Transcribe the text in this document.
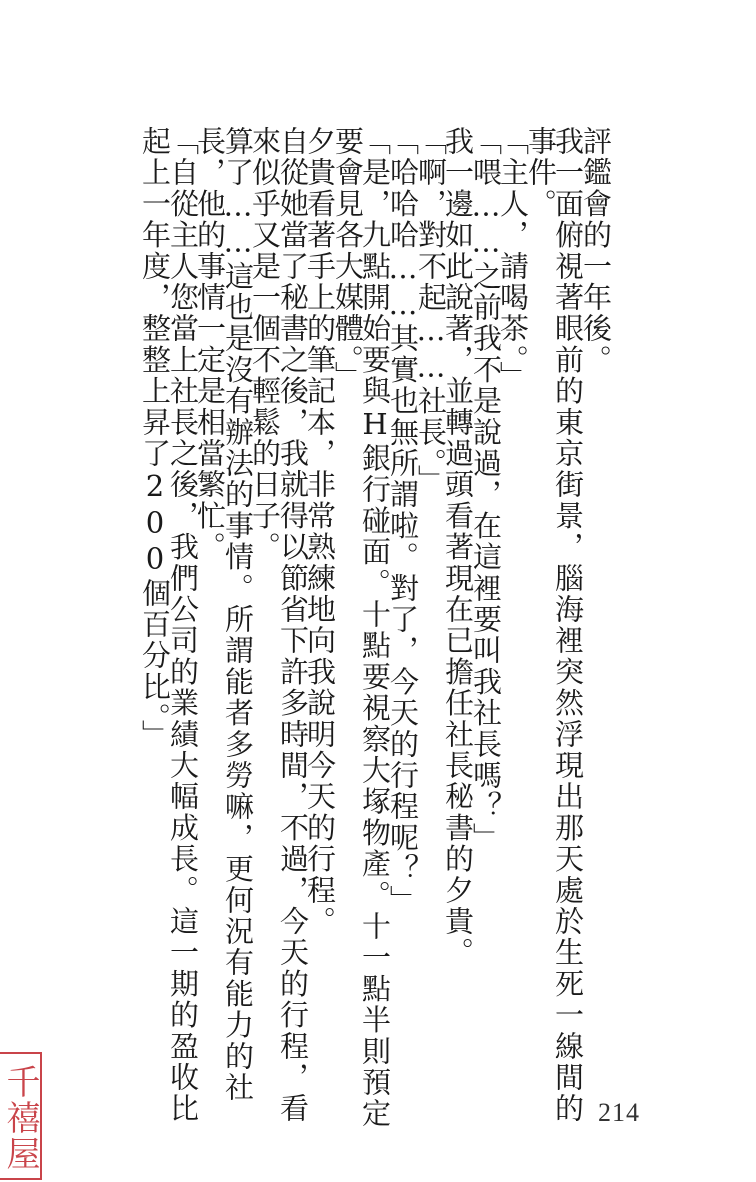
評鑑會的一年後。
我一面俯視著眼前的東京街景，腦海裡突然浮現出那天處於生死一線間的
事件。
「主人，請喝茶。」
「喂……之前我不是說過，在這裡要叫我社長嗎？」
我一邊如此說著，並轉過頭看著現在已擔任社長秘書的夕貴。
「啊，對不起……社長。」
「哈哈哈……其實也無所謂啦。對了，今天的行程呢？」
「是，九點開始要與H銀行碰面。十點要視察大塚物產。十一點半則預定
要會見各大媒體。」
夕貴看著手上的筆記本，非常熟練地向我說明今天的行程。
自從她當了秘書之後，我就得以節省下許多時間，不過，今天的行程，看
來似乎又是一個不輕鬆的日子。
算了……這也是沒有辦法的事情。所謂能者多勞嘛，更何況有能力的社
長，他的事情一定是相當繁忙。
「自從主人您當上社長之後，我們公司的業績大幅成長。這一期的盈收比
起上一年度，整整上昇了200個百分比。」
214
千禧屋
